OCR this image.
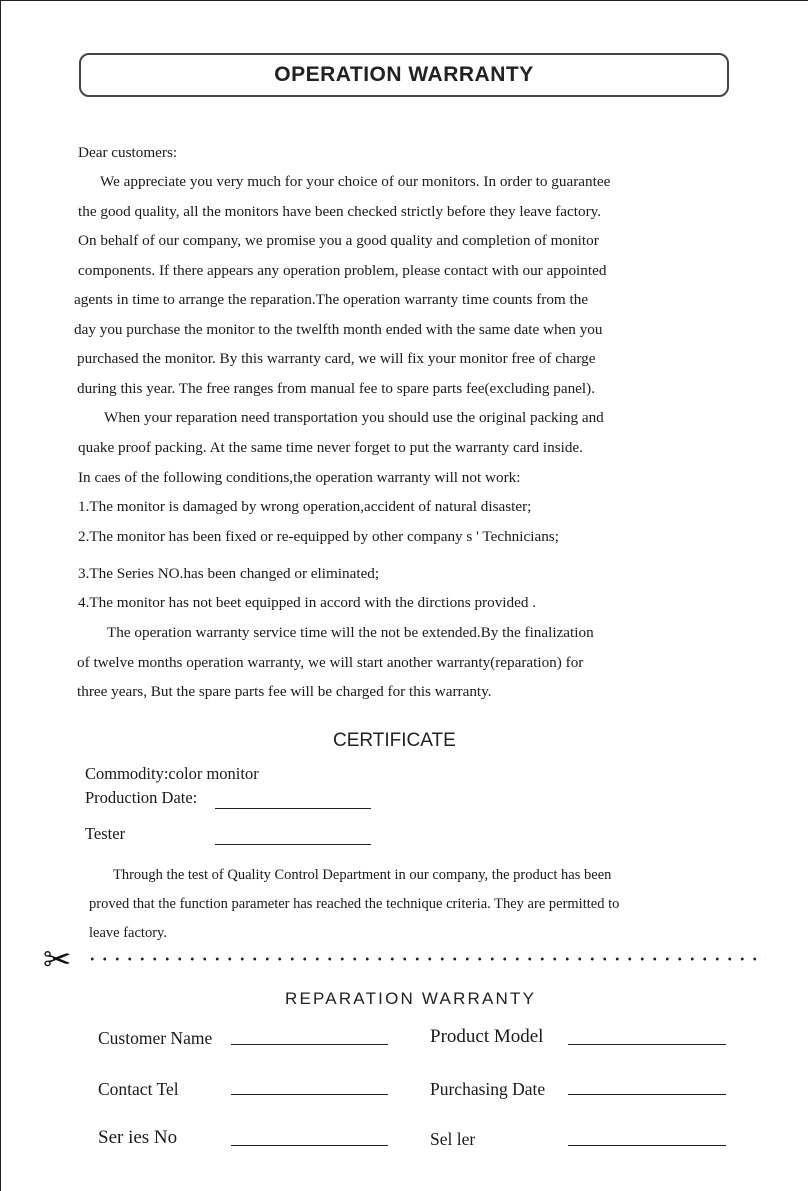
OPERATION WARRANTY
Dear customers:
We appreciate you very much for your choice of our monitors. In order to guarantee
the good quality, all the monitors have been checked strictly before they leave factory.
On behalf of our company, we promise you a good quality and completion of monitor
components. If there appears any operation problem, please contact with our appointed
agents in time to arrange the reparation.The operation warranty time counts from the
day you purchase the monitor to the twelfth month ended with the same date when you
purchased the monitor. By this warranty card, we will fix your monitor free of charge
during this year. The free ranges from manual fee to spare parts fee(excluding panel).
When your reparation need transportation you should use the original packing and
quake proof packing. At the same time never forget to put the warranty card inside.
In caes of the following conditions,the operation warranty will not work:
1.The monitor is damaged by wrong operation,accident of natural disaster;
2.The monitor has been fixed or re-equipped by other company s ' Technicians;
3.The Series NO.has been changed or eliminated;
4.The monitor has not beet equipped in accord with the dirctions provided .
The operation warranty service time will the not be extended.By the finalization
of twelve months operation warranty, we will start another warranty(reparation) for
three years, But the spare parts fee will be charged for this warranty.
CERTIFICATE
Commodity:color monitor
Production Date:
Tester
Through the test of Quality Control Department in our company, the product has been
proved that the function parameter has reached the technique criteria. They are permitted to
leave factory.
✂
REPARATION WARRANTY
Customer Name	Product Model
Contact Tel	Purchasing Date
Ser ies No	Sel ler
